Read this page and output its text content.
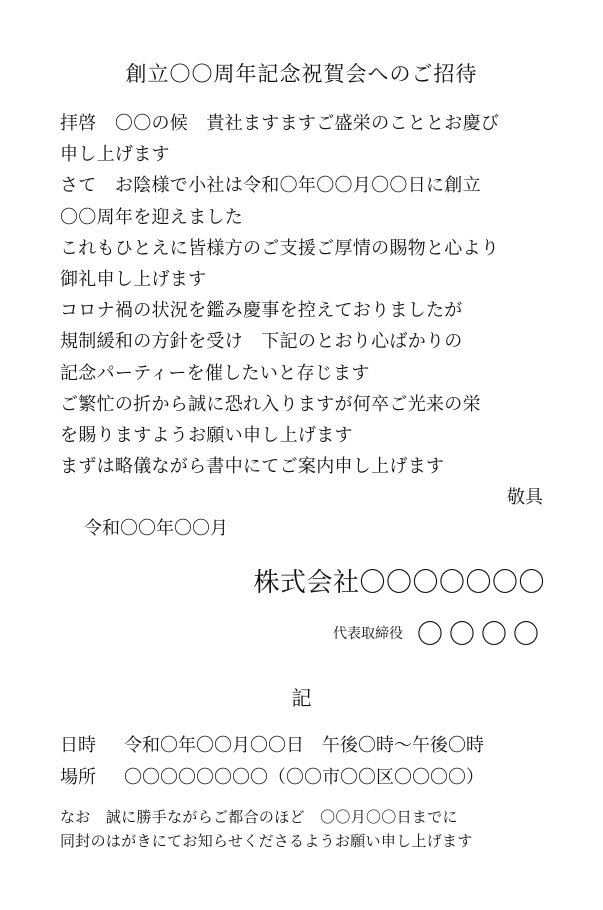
創立〇〇周年記念祝賀会へのご招待
拝啓　〇〇の候　貴社ますますご盛栄のこととお慶び
申し上げます
さて　お陰様で小社は令和〇年〇〇月〇〇日に創立
〇〇周年を迎えました
これもひとえに皆様方のご支援ご厚情の賜物と心より
御礼申し上げます
コロナ禍の状況を鑑み慶事を控えておりましたが
規制緩和の方針を受け　下記のとおり心ばかりの
記念パーティーを催したいと存じます
ご繁忙の折から誠に恐れ入りますが何卒ご光来の栄
を賜りますようお願い申し上げます
まずは略儀ながら書中にてご案内申し上げます
敬具
令和〇〇年〇〇月
株式会社〇〇〇〇〇〇〇
代表取締役 〇〇〇〇
記
日時	令和〇年〇〇月〇〇日　午後〇時～午後〇時
場所	〇〇〇〇〇〇〇〇（〇〇市〇〇区〇〇〇〇）
なお　誠に勝手ながらご都合のほど　〇〇月〇〇日までに
同封のはがきにてお知らせくださるようお願い申し上げます
